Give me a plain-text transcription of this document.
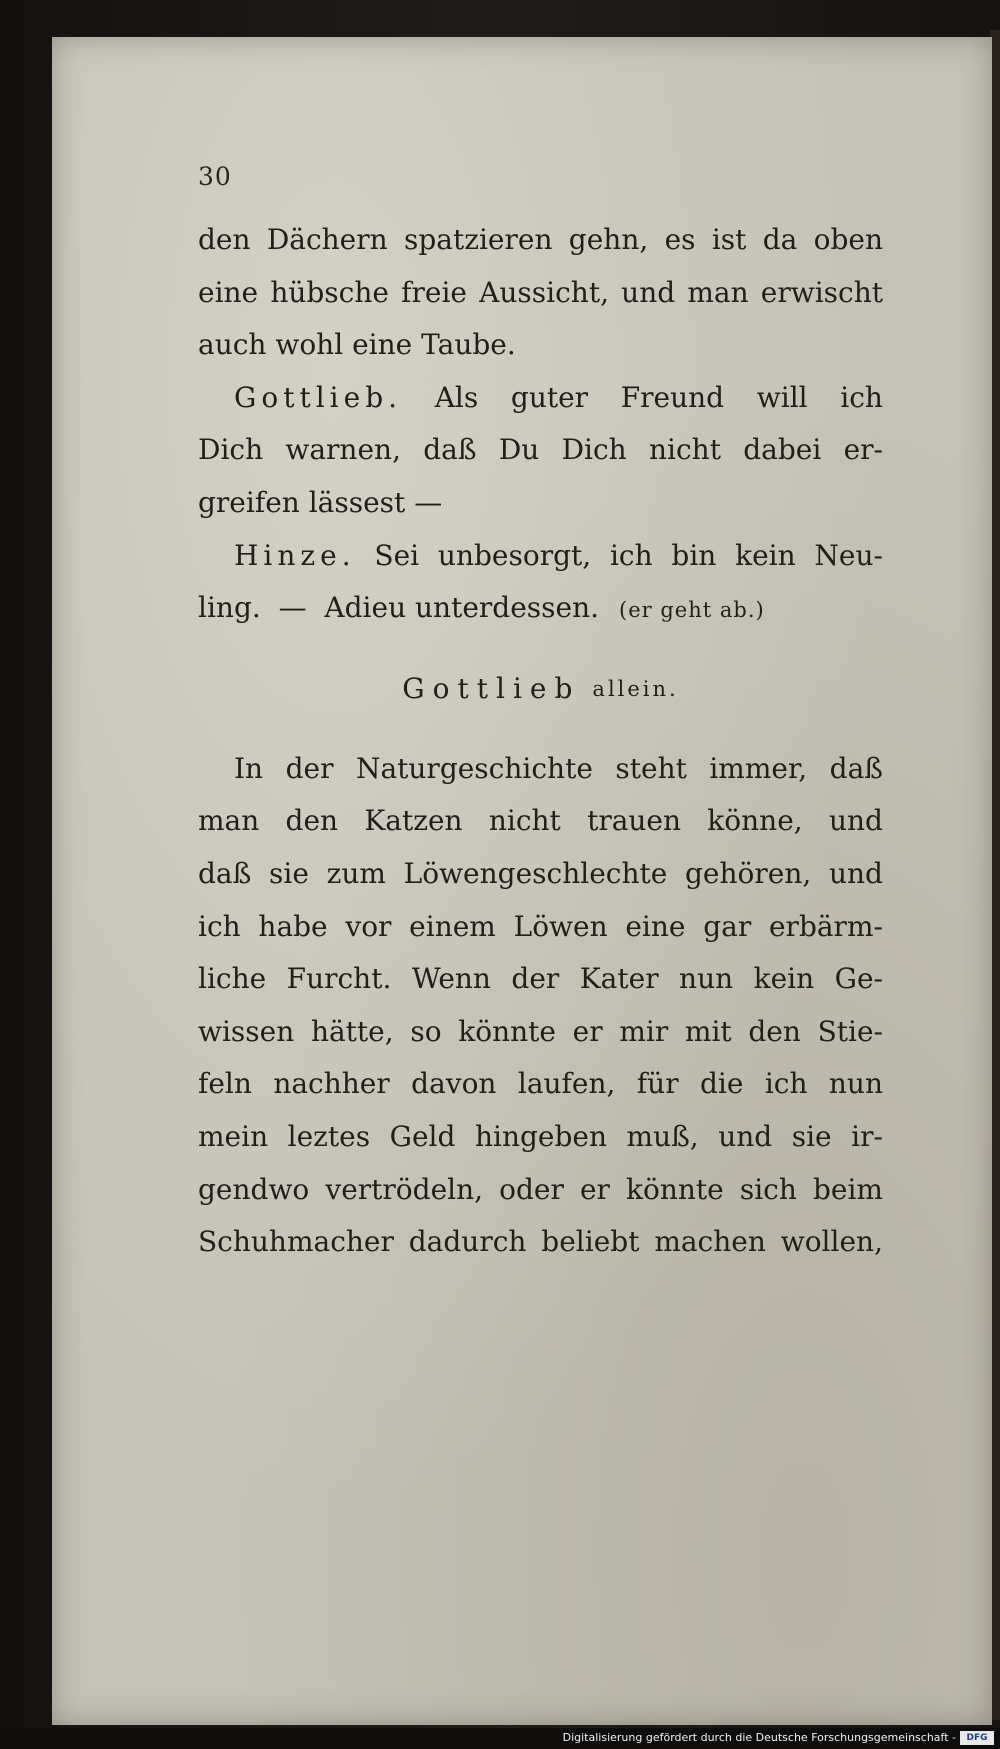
30
den Dächern spatzieren gehn, es ist da oben
eine hübsche freie Aussicht, und man erwischt
auch
wohl
eine
Taube.
Gottlieb. Als guter Freund will ich
Dich warnen, daß Du Dich nicht dabei er-
greifen
lässest
—
Hinze. Sei unbesorgt, ich bin kein Neu-
ling.
—
Adieu
unterdessen. (er geht ab.)
Gottlieb allein.
In der Naturgeschichte steht immer, daß
man den Katzen nicht trauen könne, und
daß sie zum Löwengeschlechte gehören, und
ich habe vor einem Löwen eine gar erbärm-
liche Furcht. Wenn der Kater nun kein Ge-
wissen hätte, so könnte er mir mit den Stie-
feln nachher davon laufen, für die ich nun
mein leztes Geld hingeben muß, und sie ir-
gendwo vertrödeln, oder er könnte sich beim
Schuhmacher dadurch beliebt machen wollen,
Digitalisierung gefördert durch die Deutsche Forschungsgemeinschaft -	DFG
